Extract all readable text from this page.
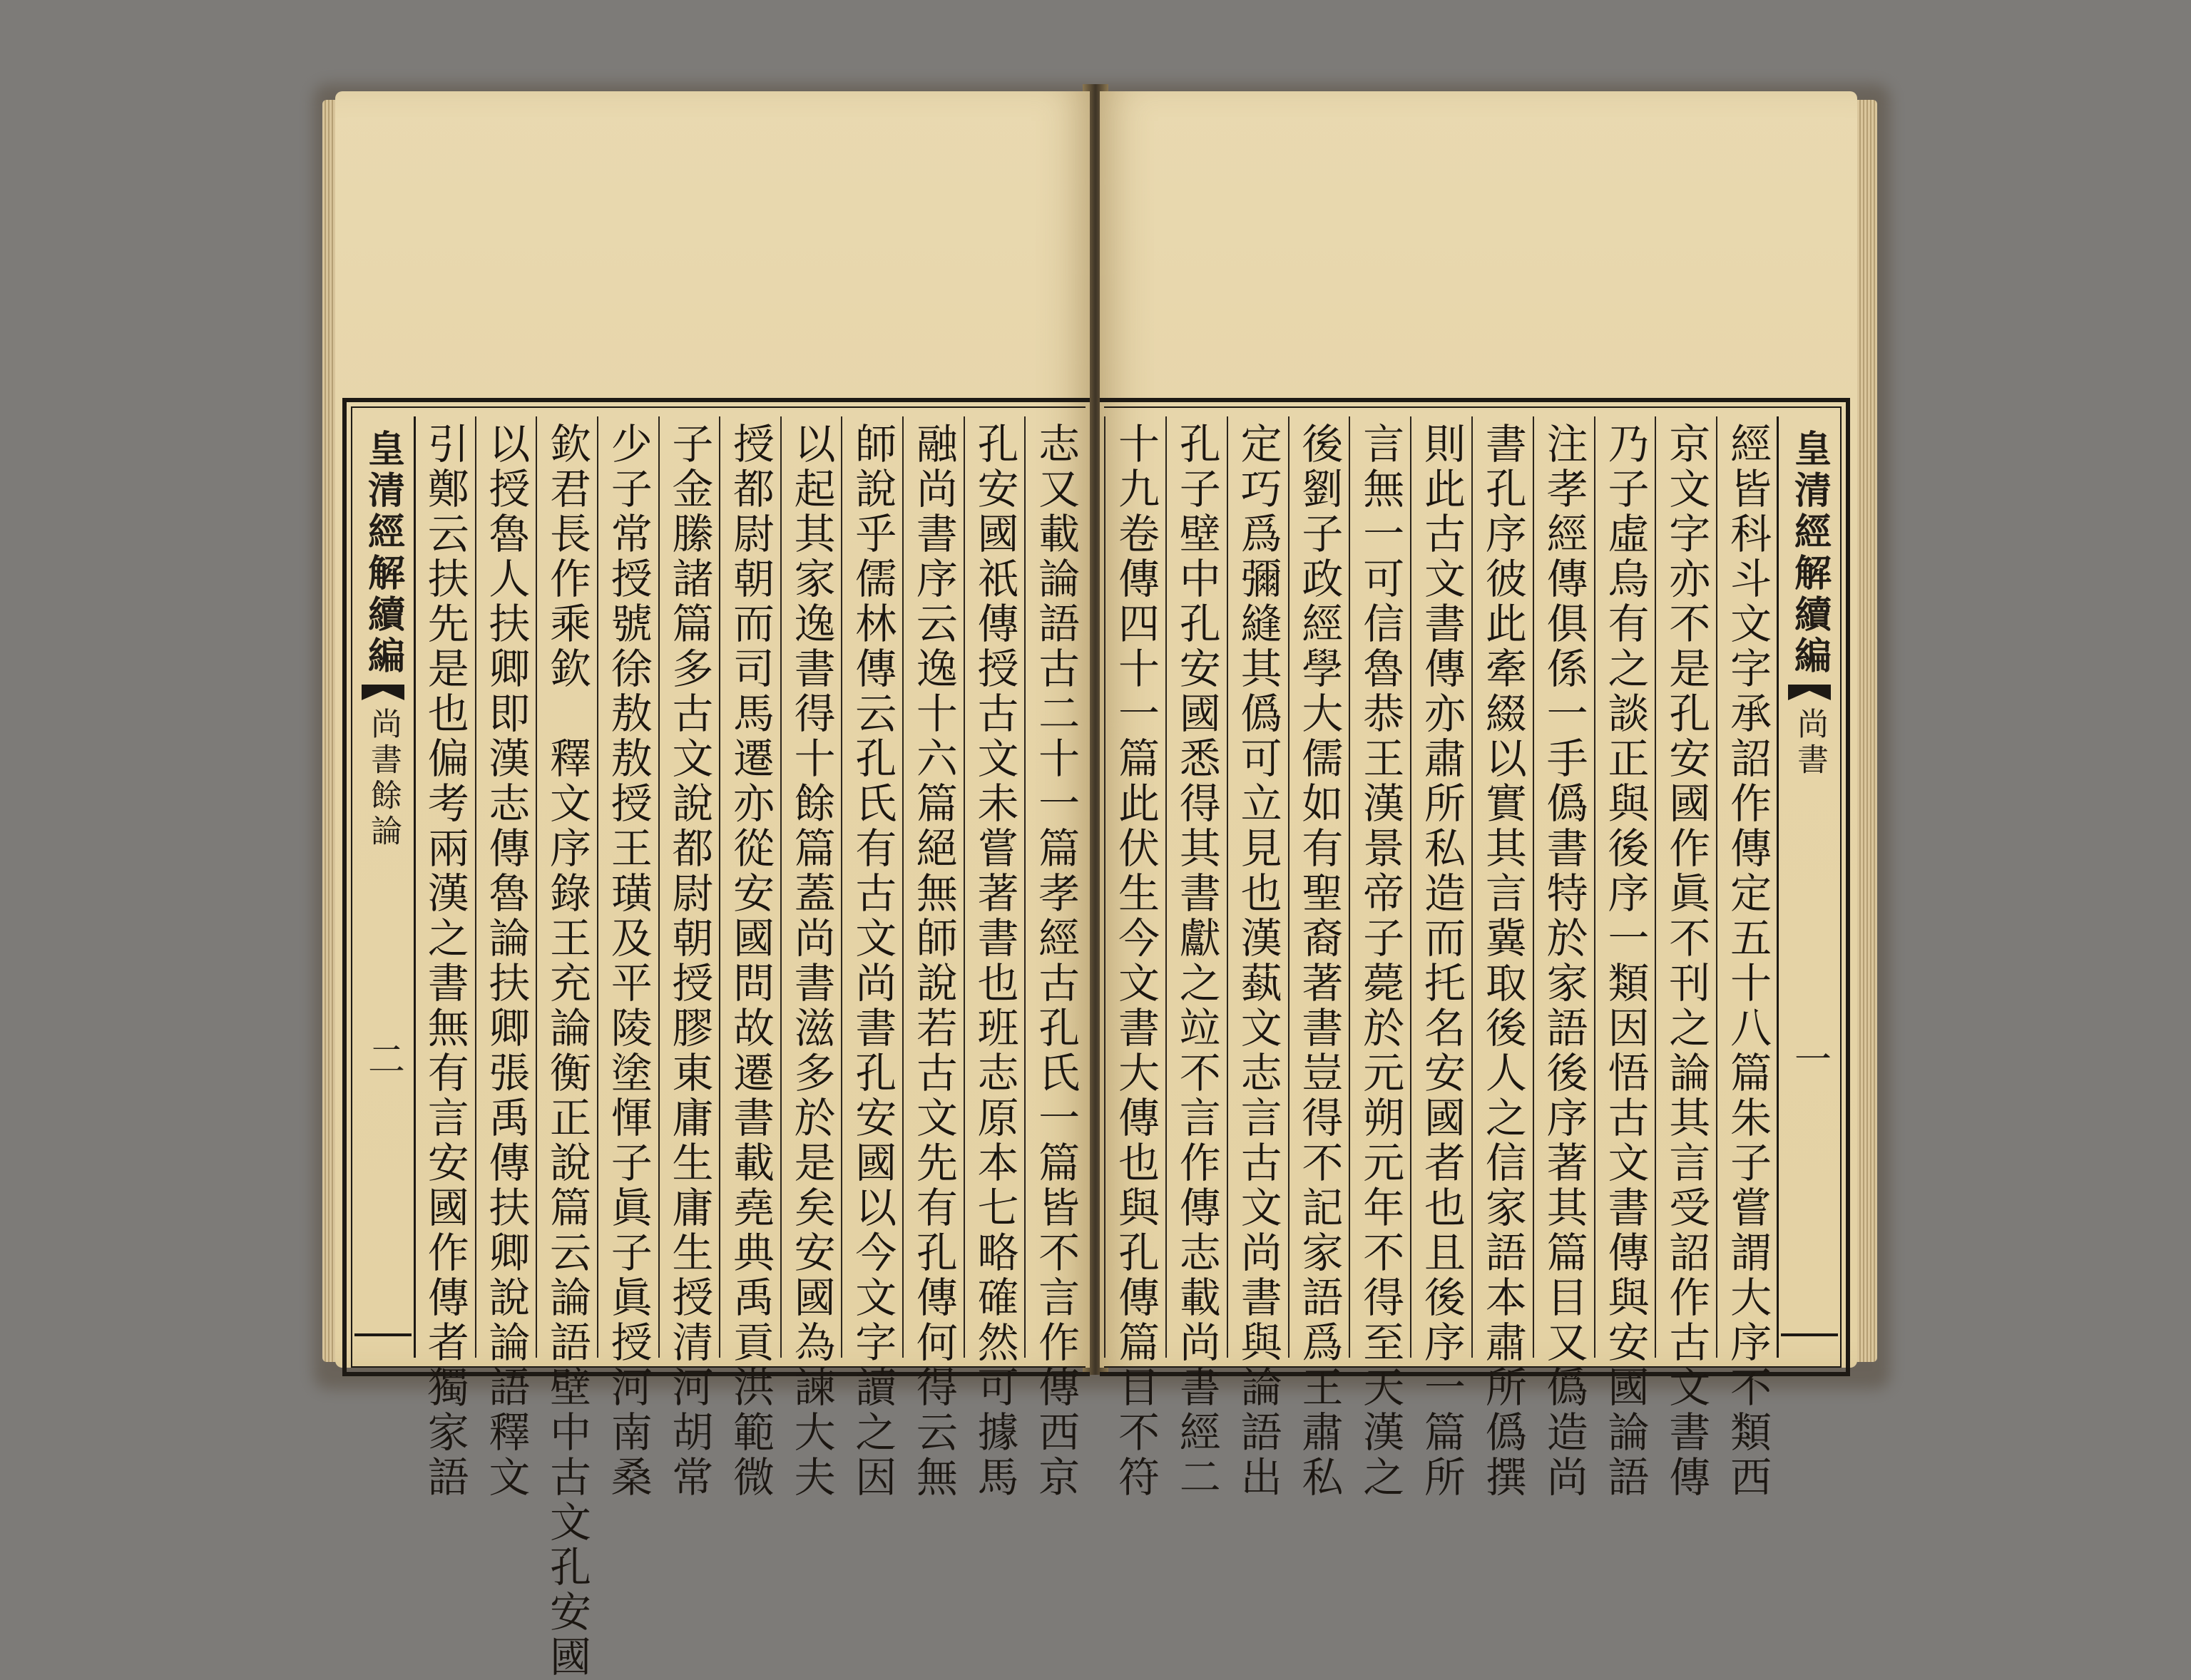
皇清經解續編
尚書餘論
二	志又載論語古二十一篇孝經古孔氏一篇皆不言作傳西京
孔安國祇傳授古文未嘗著書也班志原本七略確然可據馬
融尚書序云逸十六篇絕無師說若古文先有孔傳何得云無
師說乎儒林傳云孔氏有古文尚書孔安國以今文字讀之因
以起其家逸書得十餘篇蓋尚書滋多於是矣安國為諫大夫
授都尉朝而司馬遷亦從安國問故遷書載堯典禹貢洪範微
子金縢諸篇多古文說都尉朝授膠東庸生庸生授清河胡常
少子常授號徐敖敖授王璜及平陵塗惲子眞子眞授河南桑
欽君長作乘欽　釋文序錄王充論衡正說篇云論語壁中古文孔安國
以授魯人扶卿即漢志傳魯論扶卿張禹傳扶卿說論語釋文
引鄭云扶先是也偏考兩漢之書無有言安國作傳者獨家語	皇清經解續編
尚書
一
經皆科斗文字承詔作傳定五十八篇朱子嘗謂大序不類西
京文字亦不是孔安國作眞不刊之論其言受詔作古文書傳
乃子虛烏有之談正與後序一類因悟古文書傳與安國論語
注孝經傳俱係一手僞書特於家語後序著其篇目又僞造尚
書孔序彼此牽綴以實其言冀取後人之信家語本肅所僞撰
則此古文書傳亦肅所私造而托名安國者也且後序一篇所
言無一可信魯恭王漢景帝子薨於元朔元年不得至天漢之
後劉子政經學大儒如有聖裔著書豈得不記家語爲王肅私
定巧爲彌縫其僞可立見也漢蓺文志言古文尚書與論語出
孔子壁中孔安國悉得其書獻之竝不言作傳志載尚書經二
十九卷傳四十一篇此伏生今文書大傳也與孔傳篇目不符
